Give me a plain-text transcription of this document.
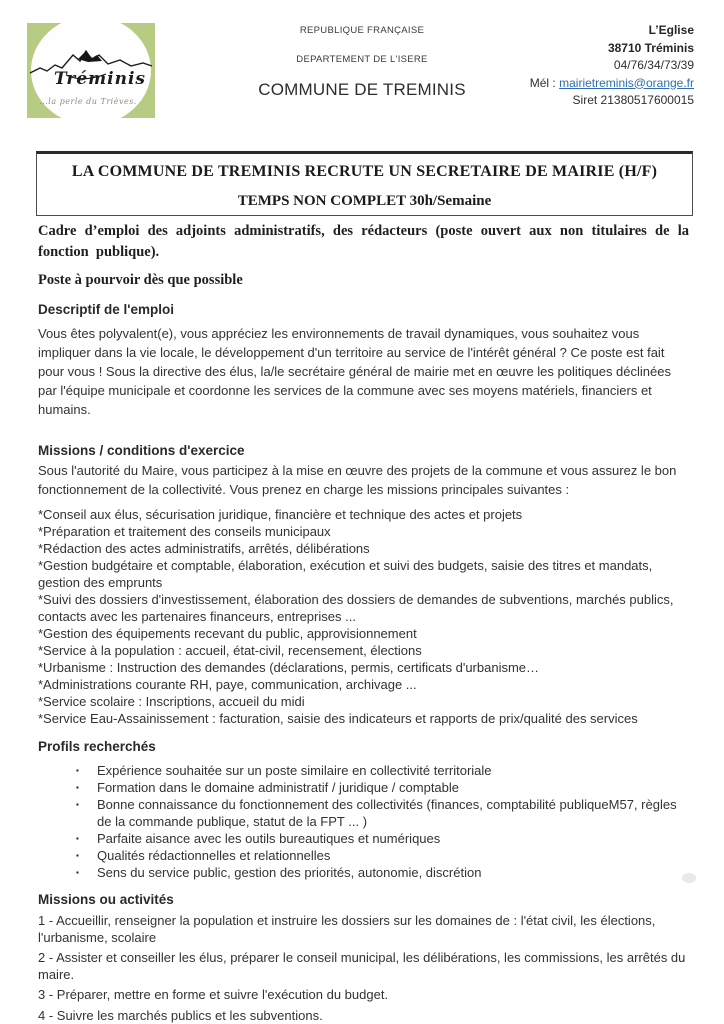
Tréminis
...la perle du Trièves.
REPUBLIQUE FRANÇAISE
DEPARTEMENT DE L'ISERE
COMMUNE DE TREMINIS
L’Eglise
38710 Tréminis
04/76/34/73/39
Mél : mairietreminis@orange.fr
Siret 21380517600015
LA COMMUNE DE TREMINIS RECRUTE UN SECRETAIRE DE MAIRIE (H/F)
TEMPS NON COMPLET 30h/Semaine

Cadre d’emploi des adjoints administratifs, des rédacteurs (poste ouvert aux non titulaires de la fonction publique).

Poste à pourvoir dès que possible

Descriptif de l'emploi

Vous êtes polyvalent(e), vous appréciez les environnements de travail dynamiques, vous souhaitez vous impliquer dans la vie locale, le développement d'un territoire au service de l'intérêt général ? Ce poste est fait pour vous ! Sous la directive des élus, la/le secrétaire général de mairie met en œuvre les politiques déclinées par l'équipe municipale et coordonne les services de la commune avec ses moyens matériels, financiers et humains.

Missions / conditions d'exercice

Sous l'autorité du Maire, vous participez à la mise en œuvre des projets de la commune et vous assurez le bon fonctionnement de la collectivité. Vous prenez en charge les missions principales suivantes :

*Conseil aux élus, sécurisation juridique, financière et technique des actes et projets
*Préparation et traitement des conseils municipaux
*Rédaction des actes administratifs, arrêtés, délibérations
*Gestion budgétaire et comptable, élaboration, exécution et suivi des budgets, saisie des titres et mandats, gestion des emprunts
*Suivi des dossiers d'investissement, élaboration des dossiers de demandes de subventions, marchés publics, contacts avec les partenaires financeurs, entreprises ...
*Gestion des équipements recevant du public, approvisionnement
*Service à la population : accueil, état-civil, recensement, élections
*Urbanisme : Instruction des demandes (déclarations, permis, certificats d'urbanisme…
*Administrations courante RH, paye, communication, archivage ...
*Service scolaire : Inscriptions, accueil du midi
*Service Eau-Assainissement : facturation, saisie des indicateurs et rapports de prix/qualité des services
Profils recherchés
▪	Expérience souhaitée sur un poste similaire en collectivité territoriale
▪	Formation dans le domaine administratif / juridique / comptable
▪	Bonne connaissance du fonctionnement des collectivités (finances, comptabilité publiqueM57, règles de la commande publique, statut de la FPT ... )
▪	Parfaite aisance avec les outils bureautiques et numériques
▪	Qualités rédactionnelles et relationnelles
▪	Sens du service public, gestion des priorités, autonomie, discrétion
Missions ou activités
1 - Accueillir, renseigner la population et instruire les dossiers sur les domaines de : l'état civil, les élections, l'urbanisme, scolaire
2 - Assister et conseiller les élus, préparer le conseil municipal, les délibérations, les commissions, les arrêtés du maire.
3 - Préparer, mettre en forme et suivre l'exécution du budget.
4 - Suivre les marchés publics et les subventions.
